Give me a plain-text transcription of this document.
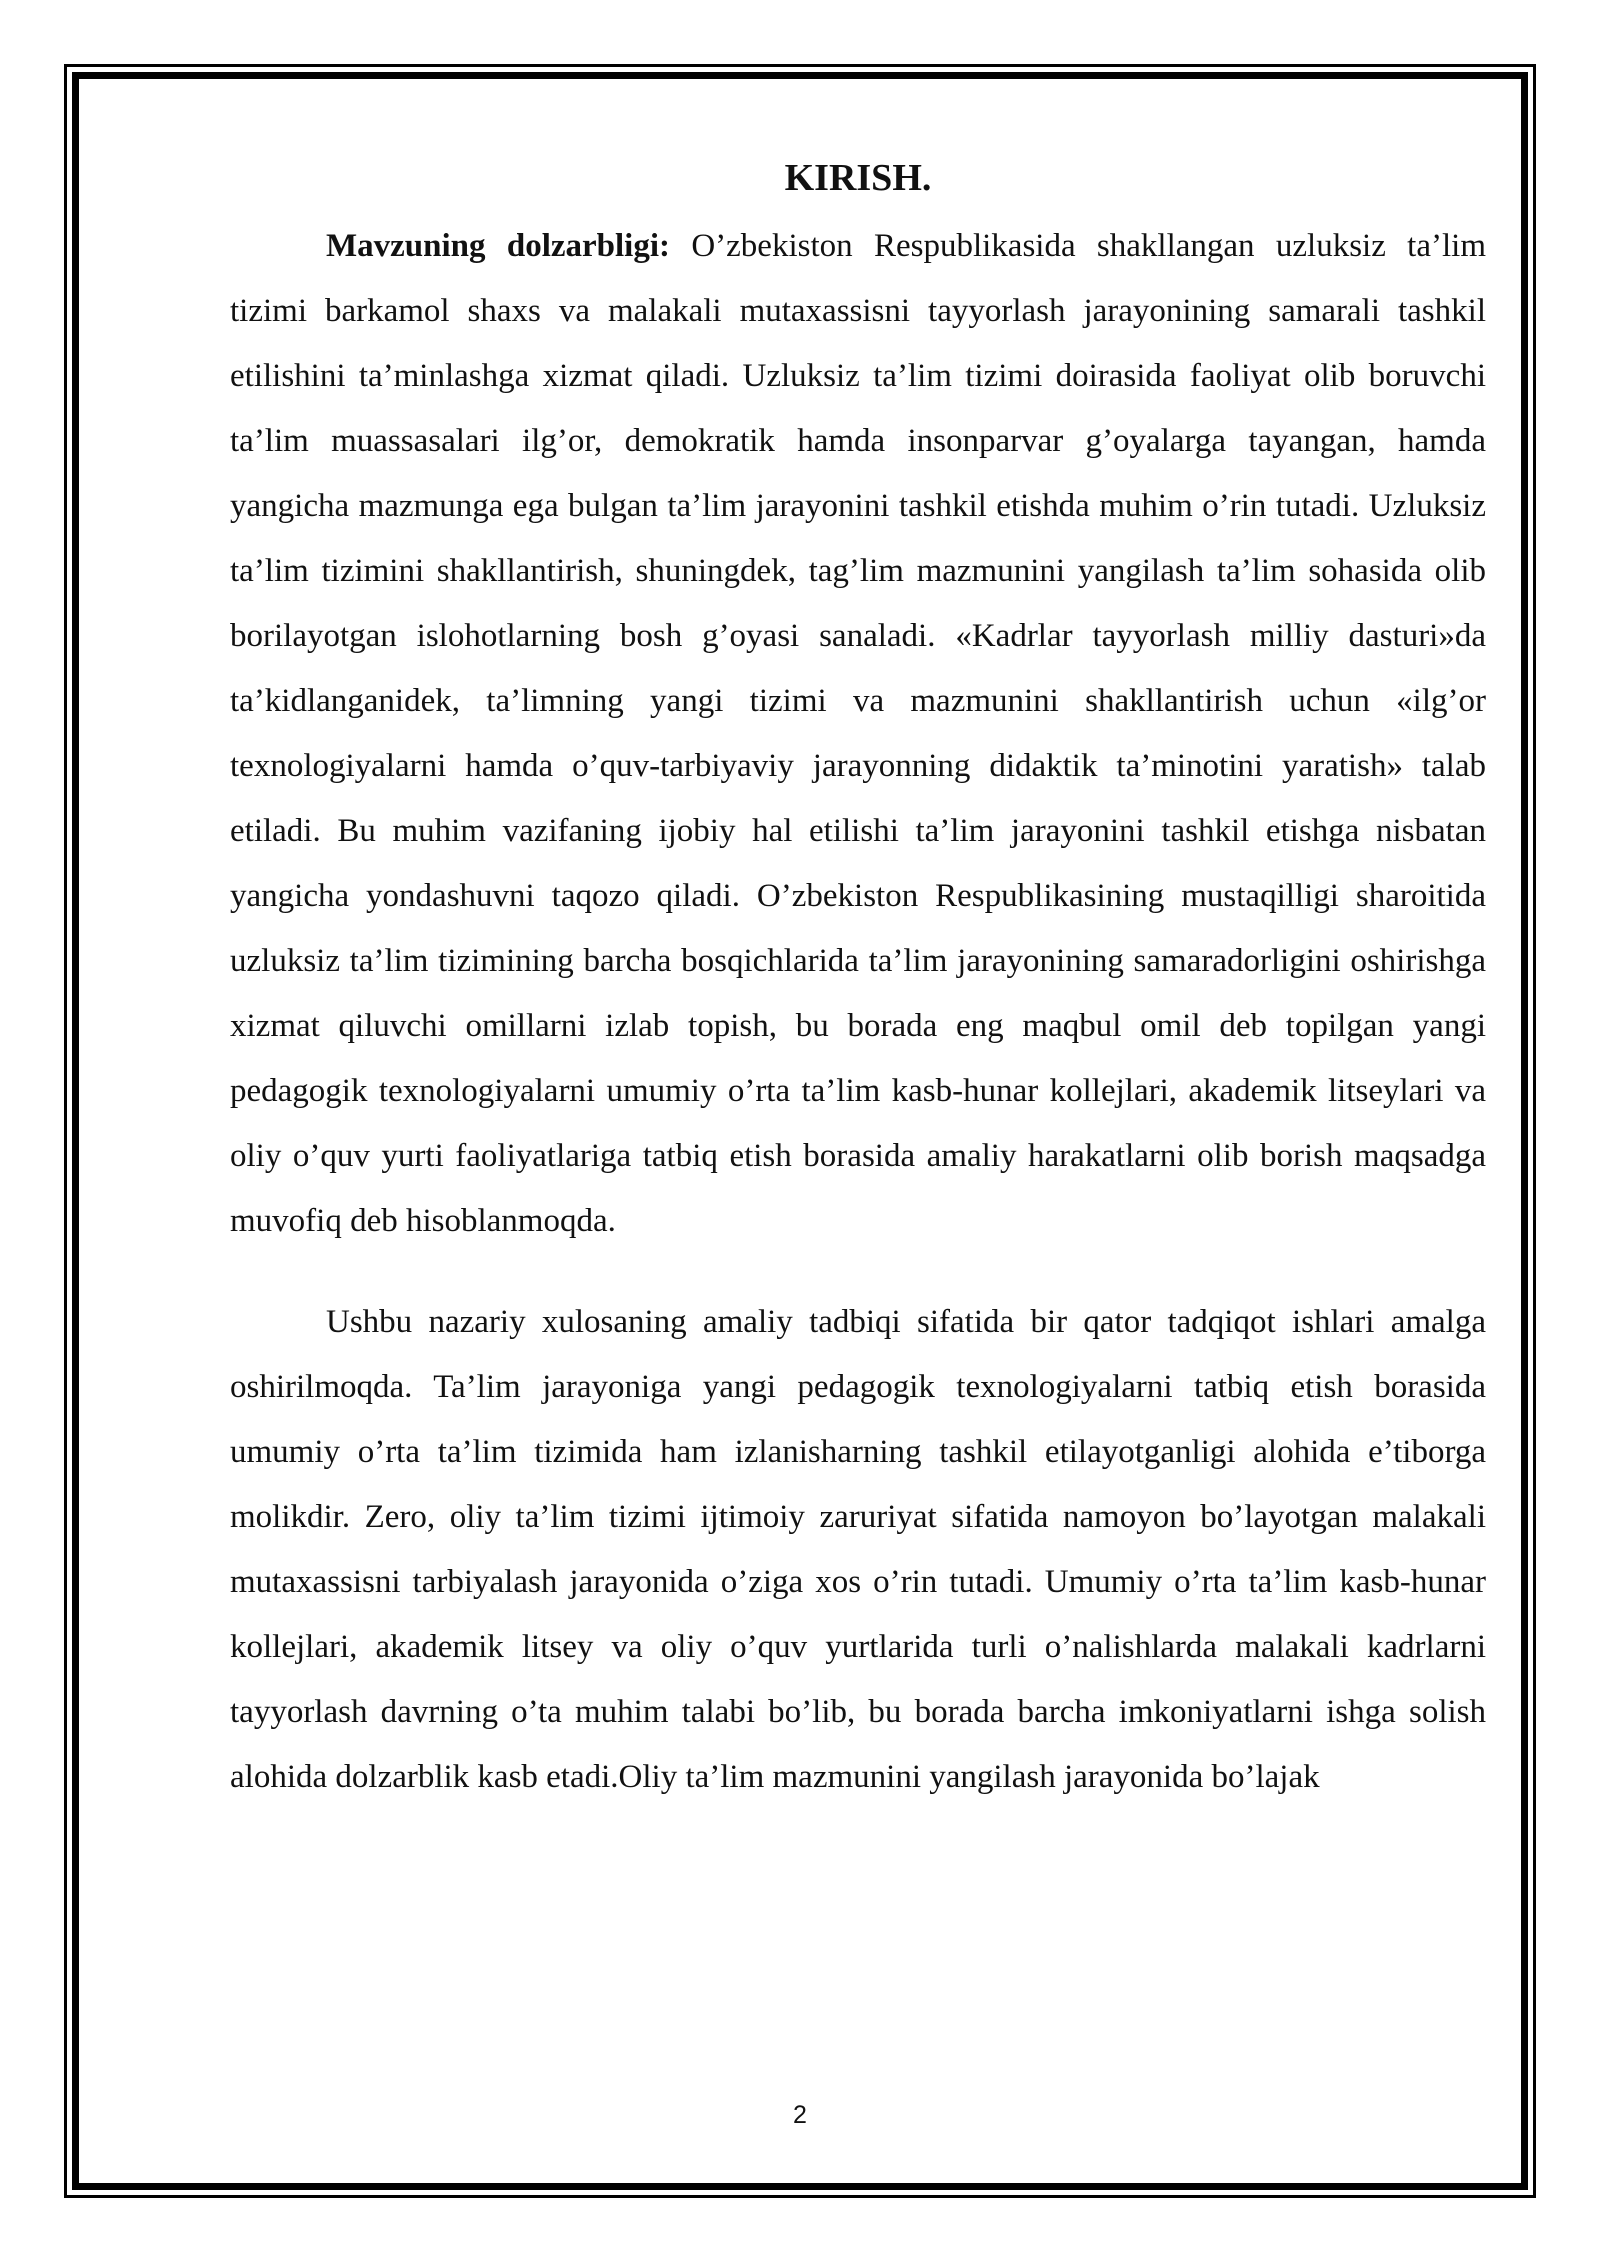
KIRISH.

Mavzuning dolzarbligi: O’zbekiston Respublikasida shakllangan uzluksiz ta’lim tizimi barkamol shaxs va malakali mutaxassisni tayyorlash jarayonining samarali tashkil etilishini ta’minlashga xizmat qiladi. Uzluksiz ta’lim tizimi doirasida faoliyat olib boruvchi ta’lim muassasalari ilg’or, demokratik hamda insonparvar g’oyalarga tayangan, hamda yangicha mazmunga ega bulgan ta’lim jarayonini tashkil etishda muhim o’rin tutadi. Uzluksiz ta’lim tizimini shakllantirish, shuningdek, tag’lim mazmunini yangilash ta’lim sohasida olib borilayotgan islohotlarning bosh g’oyasi sanaladi. «Kadrlar tayyorlash milliy dasturi»da ta’kidlanganidek, ta’limning yangi tizimi va mazmunini shakllantirish uchun «ilg’or texnologiyalarni hamda o’quv-tarbiyaviy jarayonning didaktik ta’minotini yaratish» talab etiladi. Bu muhim vazifaning ijobiy hal etilishi ta’lim jarayonini tashkil etishga nisbatan yangicha yondashuvni taqozo qiladi. O’zbekiston Respublikasining mustaqilligi sharoitida uzluksiz ta’lim tizimining barcha bosqichlarida ta’lim jarayonining samaradorligini oshirishga xizmat qiluvchi omillarni izlab topish, bu borada eng maqbul omil deb topilgan yangi pedagogik texnologiyalarni umumiy o’rta ta’lim kasb-hunar kollejlari, akademik litseylari va oliy o’quv yurti faoliyatlariga tatbiq etish borasida amaliy harakatlarni olib borish maqsadga muvofiq deb hisoblanmoqda.

Ushbu nazariy xulosaning amaliy tadbiqi sifatida bir qator tadqiqot ishlari amalga oshirilmoqda. Ta’lim jarayoniga yangi pedagogik texnologiyalarni tatbiq etish borasida umumiy o’rta ta’lim tizimida ham izlanisharning tashkil etilayotganligi alohida e’tiborga molikdir. Zero, oliy ta’lim tizimi ijtimoiy zaruriyat sifatida namoyon bo’layotgan malakali mutaxassisni tarbiyalash jarayonida o’ziga xos o’rin tutadi. Umumiy o’rta ta’lim kasb-hunar kollejlari, akademik litsey va oliy o’quv yurtlarida turli o’nalishlarda malakali kadrlarni tayyorlash davrning o’ta muhim talabi bo’lib, bu borada barcha imkoniyatlarni ishga solish alohida dolzarblik kasb etadi.Oliy ta’lim mazmunini yangilash jarayonida bo’lajak

2
